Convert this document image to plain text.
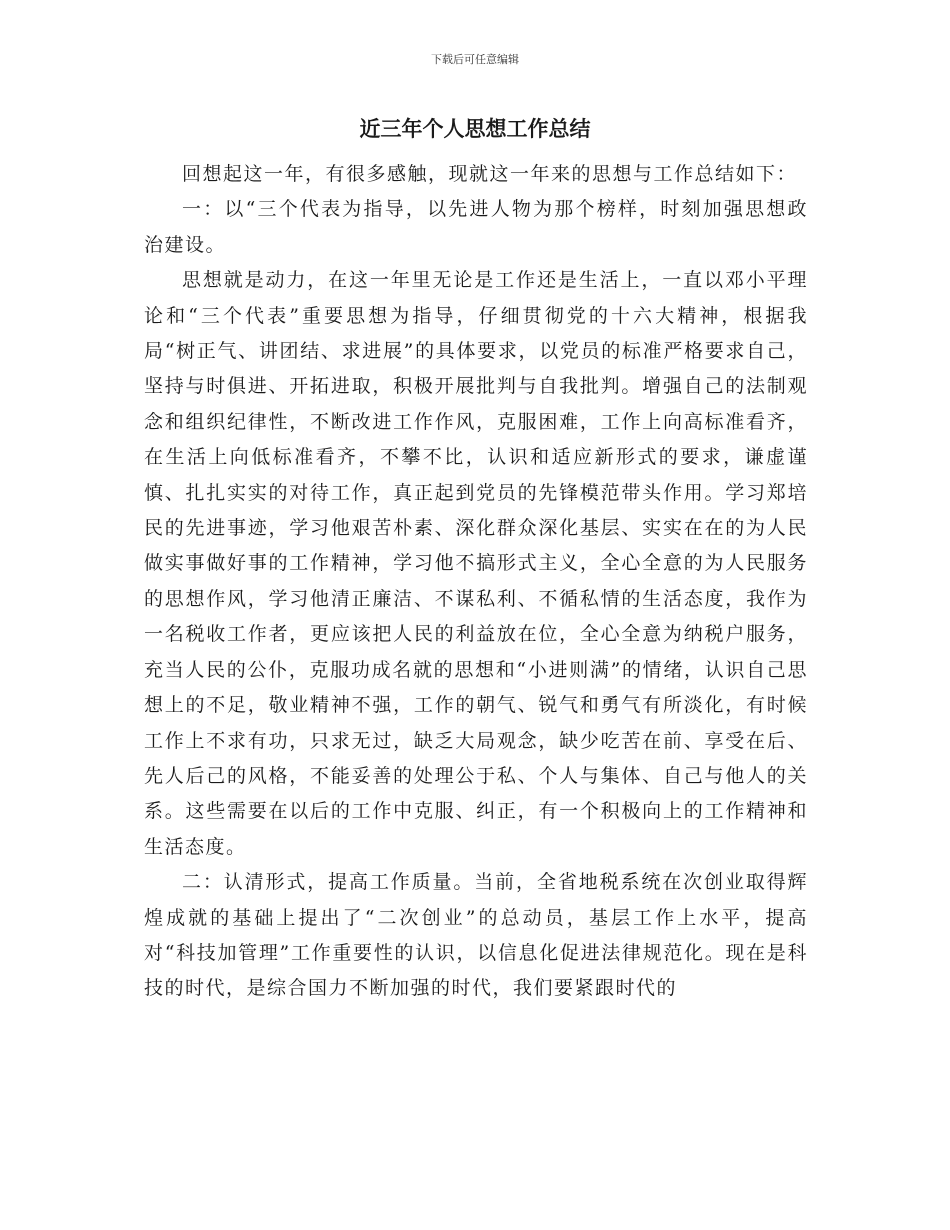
下载后可任意编辑
近三年个人思想工作总结

回想起这一年，有很多感触，现就这一年来的思想与工作总结如下：

一：以“三个代表为指导，以先进人物为那个榜样，时刻加强思想政治建设。

思想就是动力，在这一年里无论是工作还是生活上，一直以邓小平理论和“三个代表”重要思想为指导，仔细贯彻党的十六大精神，根据我局“树正气、讲团结、求进展”的具体要求，以党员的标准严格要求自己，坚持与时俱进、开拓进取，积极开展批判与自我批判。增强自己的法制观念和组织纪律性，不断改进工作作风，克服困难，工作上向高标准看齐，在生活上向低标准看齐，不攀不比，认识和适应新形式的要求，谦虚谨慎、扎扎实实的对待工作，真正起到党员的先锋模范带头作用。学习郑培民的先进事迹，学习他艰苦朴素、深化群众深化基层、实实在在的为人民做实事做好事的工作精神，学习他不搞形式主义，全心全意的为人民服务的思想作风，学习他清正廉洁、不谋私利、不循私情的生活态度，我作为一名税收工作者，更应该把人民的利益放在位，全心全意为纳税户服务，充当人民的公仆，克服功成名就的思想和“小进则满”的情绪，认识自己思想上的不足，敬业精神不强，工作的朝气、锐气和勇气有所淡化，有时候工作上不求有功，只求无过，缺乏大局观念，缺少吃苦在前、享受在后、先人后己的风格，不能妥善的处理公于私、个人与集体、自己与他人的关系。这些需要在以后的工作中克服、纠正，有一个积极向上的工作精神和生活态度。

二：认清形式，提高工作质量。当前，全省地税系统在次创业取得辉煌成就的基础上提出了“二次创业”的总动员，基层工作上水平，提高对“科技加管理”工作重要性的认识，以信息化促进法律规范化。现在是科技的时代，是综合国力不断加强的时代，我们要紧跟时代的
